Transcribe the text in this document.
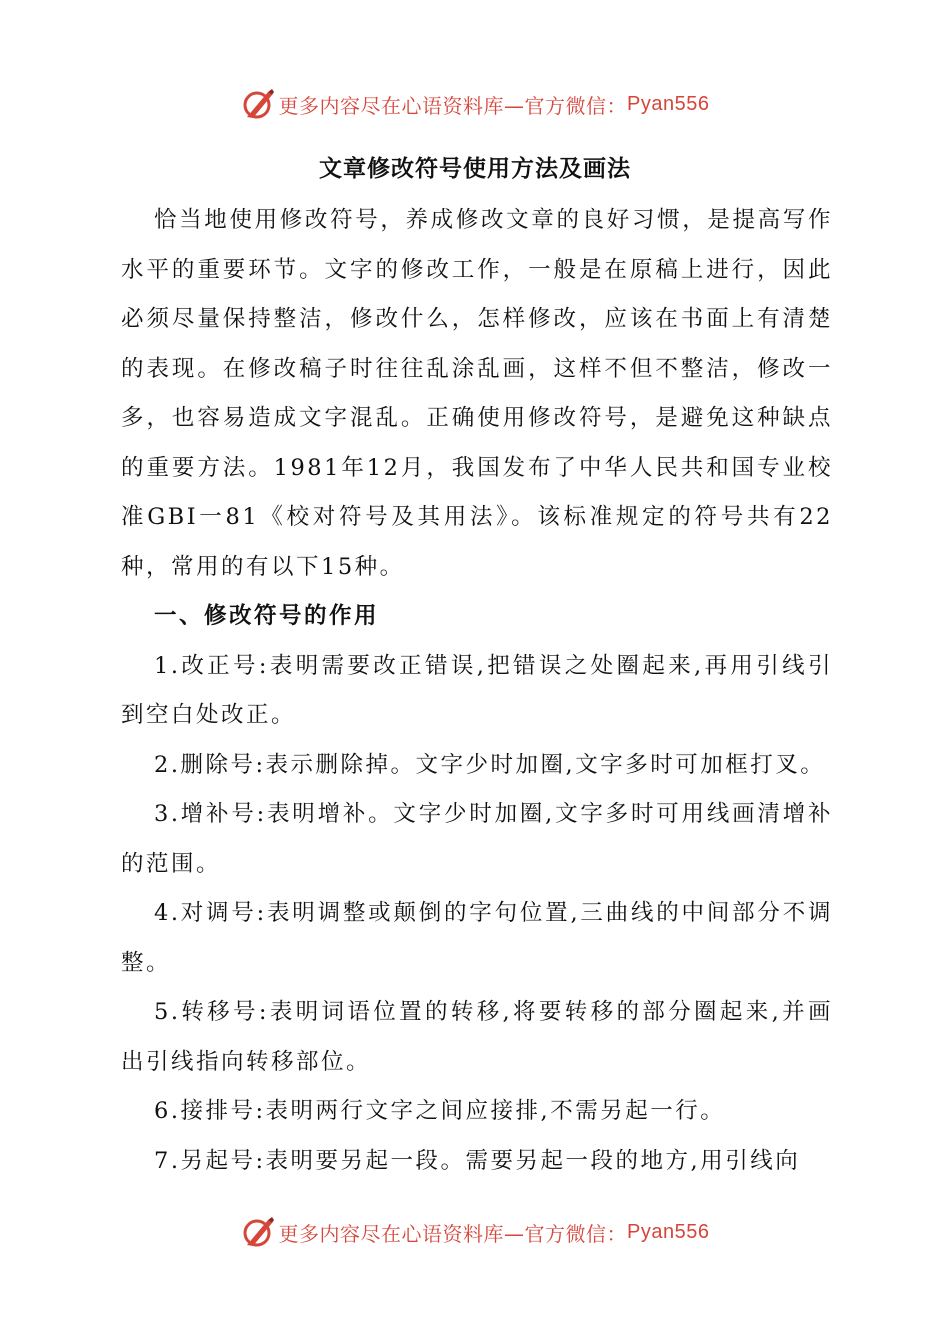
更多内容尽在心语资料库—官方微信： Pyan556
文章修改符号使用方法及画法

恰当地使用修改符号，养成修改文章的良好习惯，是提高写作水平的重要环节。文字的修改工作，一般是在原稿上进行，因此必须尽量保持整洁，修改什么，怎样修改，应该在书面上有清楚的表现。在修改稿子时往往乱涂乱画，这样不但不整洁，修改一多，也容易造成文字混乱。正确使用修改符号，是避免这种缺点的重要方法。1981年12月，我国发布了中华人民共和国专业校准GBI一81《校对符号及其用法》。该标准规定的符号共有22种，常用的有以下15种。

一、修改符号的作用

1.改正号:表明需要改正错误,把错误之处圈起来,再用引线引到空白处改正。

2.删除号:表示删除掉。文字少时加圈,文字多时可加框打叉。

3.增补号:表明增补。文字少时加圈,文字多时可用线画清增补的范围。

4.对调号:表明调整或颠倒的字句位置,三曲线的中间部分不调整。

5.转移号:表明词语位置的转移,将要转移的部分圈起来,并画出引线指向转移部位。

6.接排号:表明两行文字之间应接排,不需另起一行。

7.另起号:表明要另起一段。需要另起一段的地方,用引线向

更多内容尽在心语资料库—官方微信： Pyan556
